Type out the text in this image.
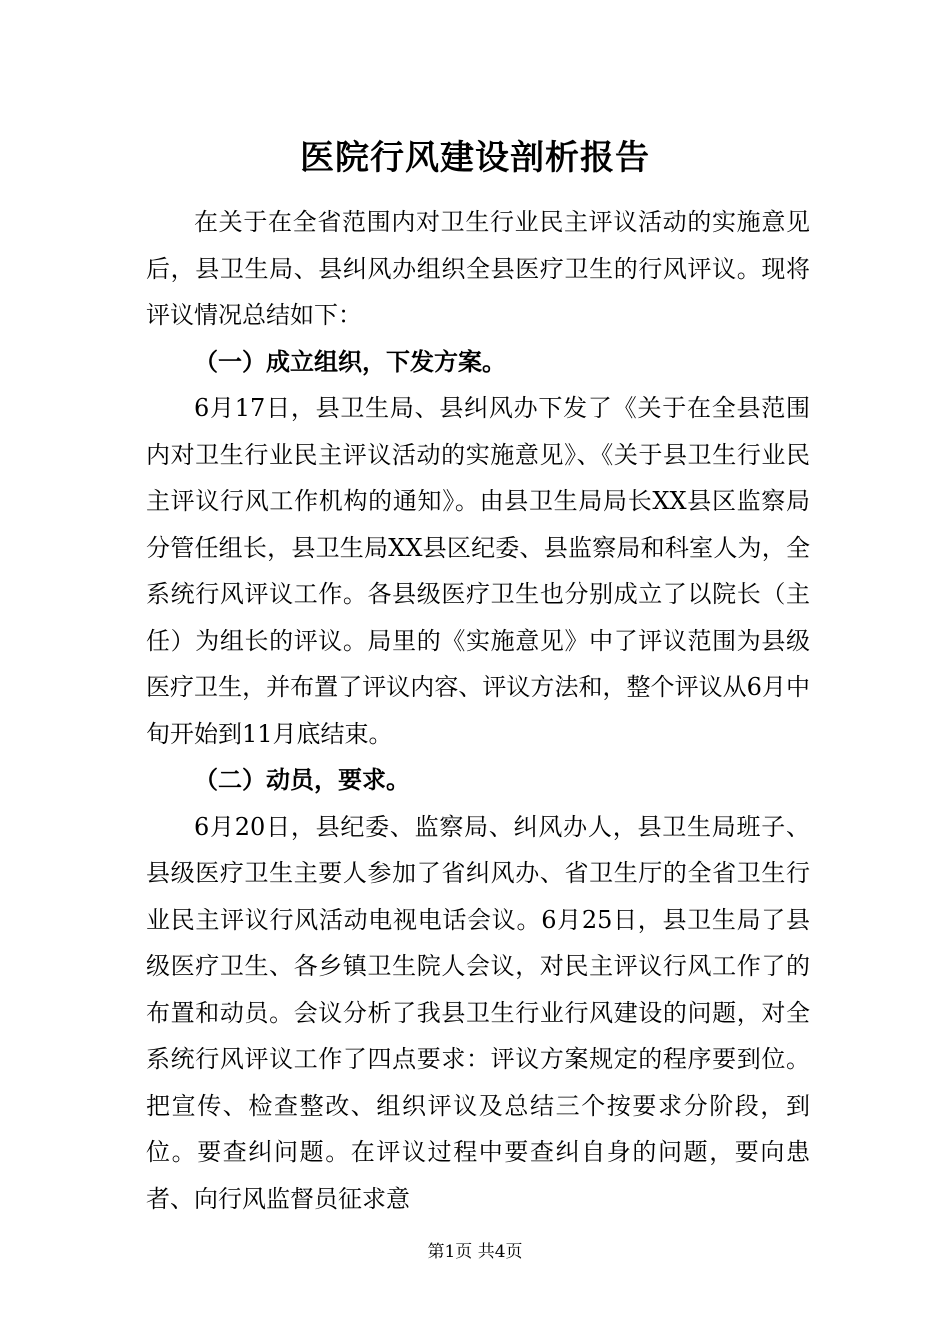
医院行风建设剖析报告

在关于在全省范围内对卫生行业民主评议活动的实施意见后，县卫生局、县纠风办组织全县医疗卫生的行风评议。现将评议情况总结如下：

（一）成立组织，下发方案。

6月17日，县卫生局、县纠风办下发了《关于在全县范围内对卫生行业民主评议活动的实施意见》、《关于县卫生行业民主评议行风工作机构的通知》。由县卫生局局长XX县区监察局分管任组长，县卫生局XX县区纪委、县监察局和科室人为，全系统行风评议工作。各县级医疗卫生也分别成立了以院长（主任）为组长的评议。局里的《实施意见》中了评议范围为县级医疗卫生，并布置了评议内容、评议方法和，整个评议从6月中旬开始到11月底结束。

（二）动员，要求。

6月20日，县纪委、监察局、纠风办人，县卫生局班子、县级医疗卫生主要人参加了省纠风办、省卫生厅的全省卫生行业民主评议行风活动电视电话会议。6月25日，县卫生局了县级医疗卫生、各乡镇卫生院人会议，对民主评议行风工作了的布置和动员。会议分析了我县卫生行业行风建设的问题，对全系统行风评议工作了四点要求：评议方案规定的程序要到位。把宣传、检查整改、组织评议及总结三个按要求分阶段，到位。要查纠问题。在评议过程中要查纠自身的问题，要向患者、向行风监督员征求意

第1页 共4页
